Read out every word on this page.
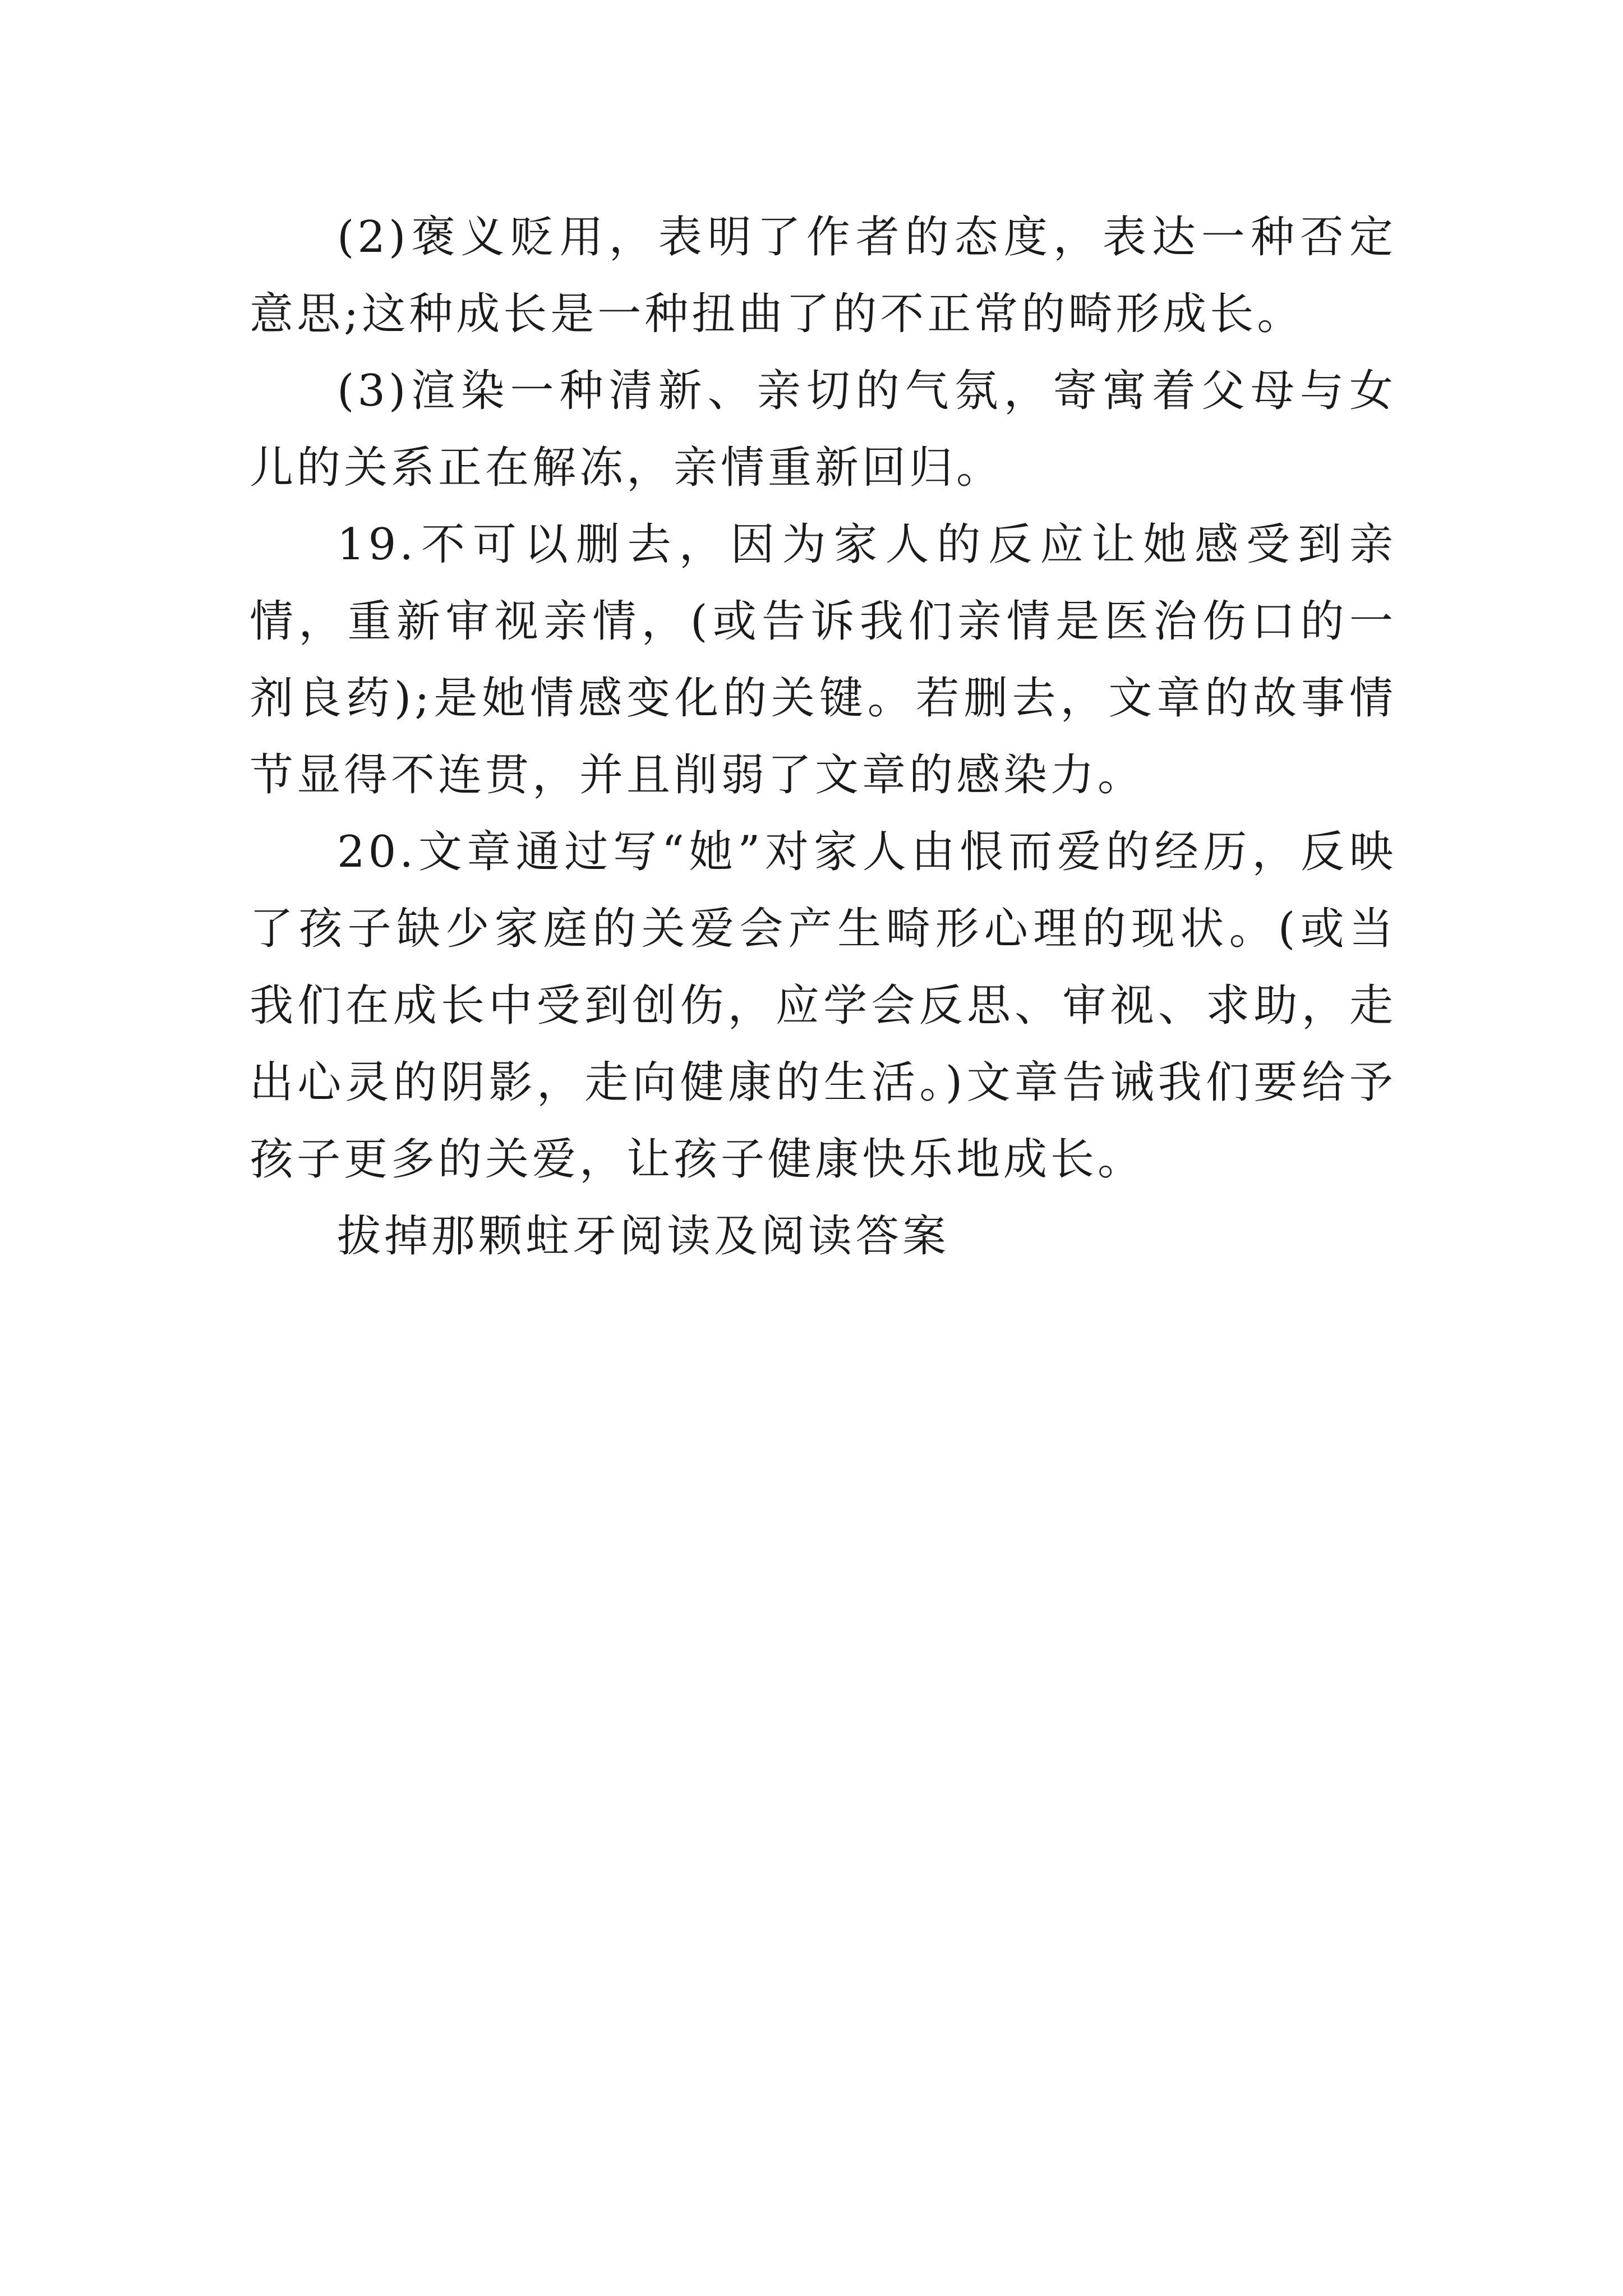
(2)褒义贬用，表明了作者的态度，表达一种否定意思;这种成长是一种扭曲了的不正常的畸形成长。

(3)渲染一种清新、亲切的气氛，寄寓着父母与女儿的关系正在解冻，亲情重新回归。

19.不可以删去，因为家人的反应让她感受到亲情，重新审视亲情，(或告诉我们亲情是医治伤口的一剂良药);是她情感变化的关键。若删去，文章的故事情节显得不连贯，并且削弱了文章的感染力。

20.文章通过写“她”对家人由恨而爱的经历，反映了孩子缺少家庭的关爱会产生畸形心理的现状。(或当我们在成长中受到创伤，应学会反思、审视、求助，走出心灵的阴影，走向健康的生活。)文章告诫我们要给予孩子更多的关爱，让孩子健康快乐地成长。

拔掉那颗蛀牙阅读及阅读答案
